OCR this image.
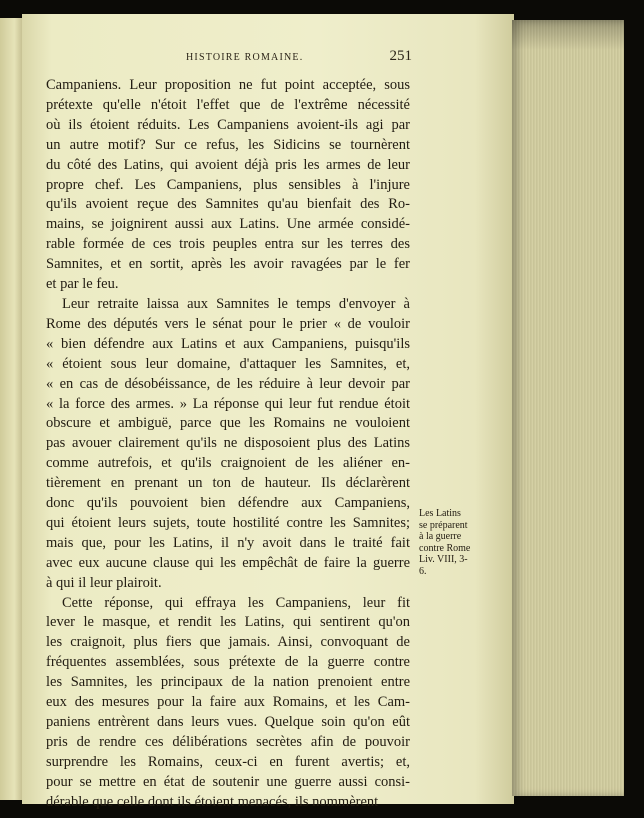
HISTOIRE ROMAINE.	251
Campaniens. Leur proposition ne fut point acceptée, sous
prétexte qu'elle n'étoit l'effet que de l'extrême nécessité
où ils étoient réduits. Les Campaniens avoient-ils agi par
un autre motif? Sur ce refus, les Sidicins se tournèrent
du côté des Latins, qui avoient déjà pris les armes de leur
propre chef. Les Campaniens, plus sensibles à l'injure
qu'ils avoient reçue des Samnites qu'au bienfait des Ro-
mains, se joignirent aussi aux Latins. Une armée considé-
rable formée de ces trois peuples entra sur les terres des
Samnites, et en sortit, après les avoir ravagées par le fer
et par le feu.
Leur retraite laissa aux Samnites le temps d'envoyer à
Rome des députés vers le sénat pour le prier « de vouloir
« bien défendre aux Latins et aux Campaniens, puisqu'ils
« étoient sous leur domaine, d'attaquer les Samnites, et,
« en cas de désobéissance, de les réduire à leur devoir par
« la force des armes. » La réponse qui leur fut rendue étoit
obscure et ambiguë, parce que les Romains ne vouloient
pas avouer clairement qu'ils ne disposoient plus des Latins
comme autrefois, et qu'ils craignoient de les aliéner en-
tièrement en prenant un ton de hauteur. Ils déclarèrent
donc qu'ils pouvoient bien défendre aux Campaniens,
qui étoient leurs sujets, toute hostilité contre les Samnites;
mais que, pour les Latins, il n'y avoit dans le traité fait
avec eux aucune clause qui les empêchât de faire la guerre
à qui il leur plairoit.
Cette réponse, qui effraya les Campaniens, leur fit
lever le masque, et rendit les Latins, qui sentirent qu'on
les craignoit, plus fiers que jamais. Ainsi, convoquant de
fréquentes assemblées, sous prétexte de la guerre contre
les Samnites, les principaux de la nation prenoient entre
eux des mesures pour la faire aux Romains, et les Cam-
paniens entrèrent dans leurs vues. Quelque soin qu'on eût
pris de rendre ces délibérations secrètes afin de pouvoir
surprendre les Romains, ceux-ci en furent avertis; et,
pour se mettre en état de soutenir une guerre aussi consi-
dérable que celle dont ils étoient menacés, ils nommèrent
Les Latins
se préparent
à la guerre
contre Rome
Liv. VIII, 3-
6.
